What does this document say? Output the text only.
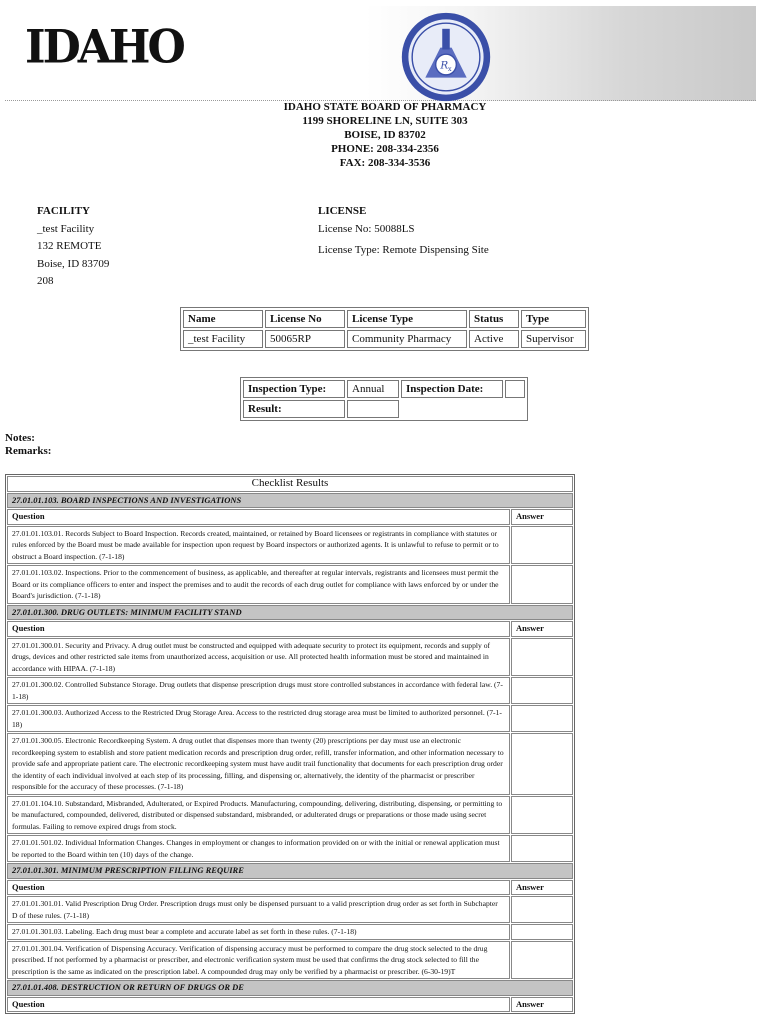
IDAHO	R x
IDAHO STATE BOARD OF PHARMACY
1199 SHORELINE LN, SUITE 303
BOISE, ID 83702
PHONE: 208-334-2356
FAX: 208-334-3536
FACILITY
_test Facility
132 REMOTE
Boise, ID 83709
208
LICENSE
License No: 50088LS
License Type: Remote Dispensing Site
Name	License No	License Type	Status	Type
_test Facility	50065RP	Community Pharmacy	Active	Supervisor
Inspection Type:	Annual	Inspection Date:	
Result:			
Notes:
Remarks:
Checklist Results	
27.01.01.103. BOARD INSPECTIONS AND INVESTIGATIONS	
Question	Answer
27.01.01.103.01. Records Subject to Board Inspection. Records created, maintained, or retained by Board licensees or registrants in compliance with statutes or rules enforced by the Board must be made available for inspection upon request by Board inspectors or authorized agents. It is unlawful to refuse to permit or to obstruct a Board inspection. (7-1-18)	
27.01.01.103.02. Inspections. Prior to the commencement of business, as applicable, and thereafter at regular intervals, registrants and licensees must permit the Board or its compliance officers to enter and inspect the premises and to audit the records of each drug outlet for compliance with laws enforced by or under the Board's jurisdiction. (7-1-18)	
27.01.01.300. DRUG OUTLETS: MINIMUM FACILITY STAND	
Question	Answer
27.01.01.300.01. Security and Privacy. A drug outlet must be constructed and equipped with adequate security to protect its equipment, records and supply of drugs, devices and other restricted sale items from unauthorized access, acquisition or use. All protected health information must be stored and maintained in accordance with HIPAA. (7-1-18)	
27.01.01.300.02. Controlled Substance Storage. Drug outlets that dispense prescription drugs must store controlled substances in accordance with federal law. (7-1-18)	
27.01.01.300.03. Authorized Access to the Restricted Drug Storage Area. Access to the restricted drug storage area must be limited to authorized personnel. (7-1-18)	
27.01.01.300.05. Electronic Recordkeeping System. A drug outlet that dispenses more than twenty (20) prescriptions per day must use an electronic recordkeeping system to establish and store patient medication records and prescription drug order, refill, transfer information, and other information necessary to provide safe and appropriate patient care. The electronic recordkeeping system must have audit trail functionality that documents for each prescription drug order the identity of each individual involved at each step of its processing, filling, and dispensing or, alternatively, the identity of the pharmacist or prescriber responsible for the accuracy of these processes. (7-1-18)	
27.01.01.104.10. Substandard, Misbranded, Adulterated, or Expired Products. Manufacturing, compounding, delivering, distributing, dispensing, or permitting to be manufactured, compounded, delivered, distributed or dispensed substandard, misbranded, or adulterated drugs or preparations or those made using secret formulas. Failing to remove expired drugs from stock.	
27.01.01.501.02. Individual Information Changes. Changes in employment or changes to information provided on or with the initial or renewal application must be reported to the Board within ten (10) days of the change.	
27.01.01.301. MINIMUM PRESCRIPTION FILLING REQUIRE	
Question	Answer
27.01.01.301.01. Valid Prescription Drug Order. Prescription drugs must only be dispensed pursuant to a valid prescription drug order as set forth in Subchapter D of these rules. (7-1-18)	
27.01.01.301.03. Labeling. Each drug must bear a complete and accurate label as set forth in these rules. (7-1-18)	
27.01.01.301.04. Verification of Dispensing Accuracy. Verification of dispensing accuracy must be performed to compare the drug stock selected to the drug prescribed. If not performed by a pharmacist or prescriber, and electronic verification system must be used that confirms the drug stock selected to fill the prescription is the same as indicated on the prescription label. A compounded drug may only be verified by a pharmacist or prescriber. (6-30-19)T	
27.01.01.408. DESTRUCTION OR RETURN OF DRUGS OR DE	
Question	Answer
